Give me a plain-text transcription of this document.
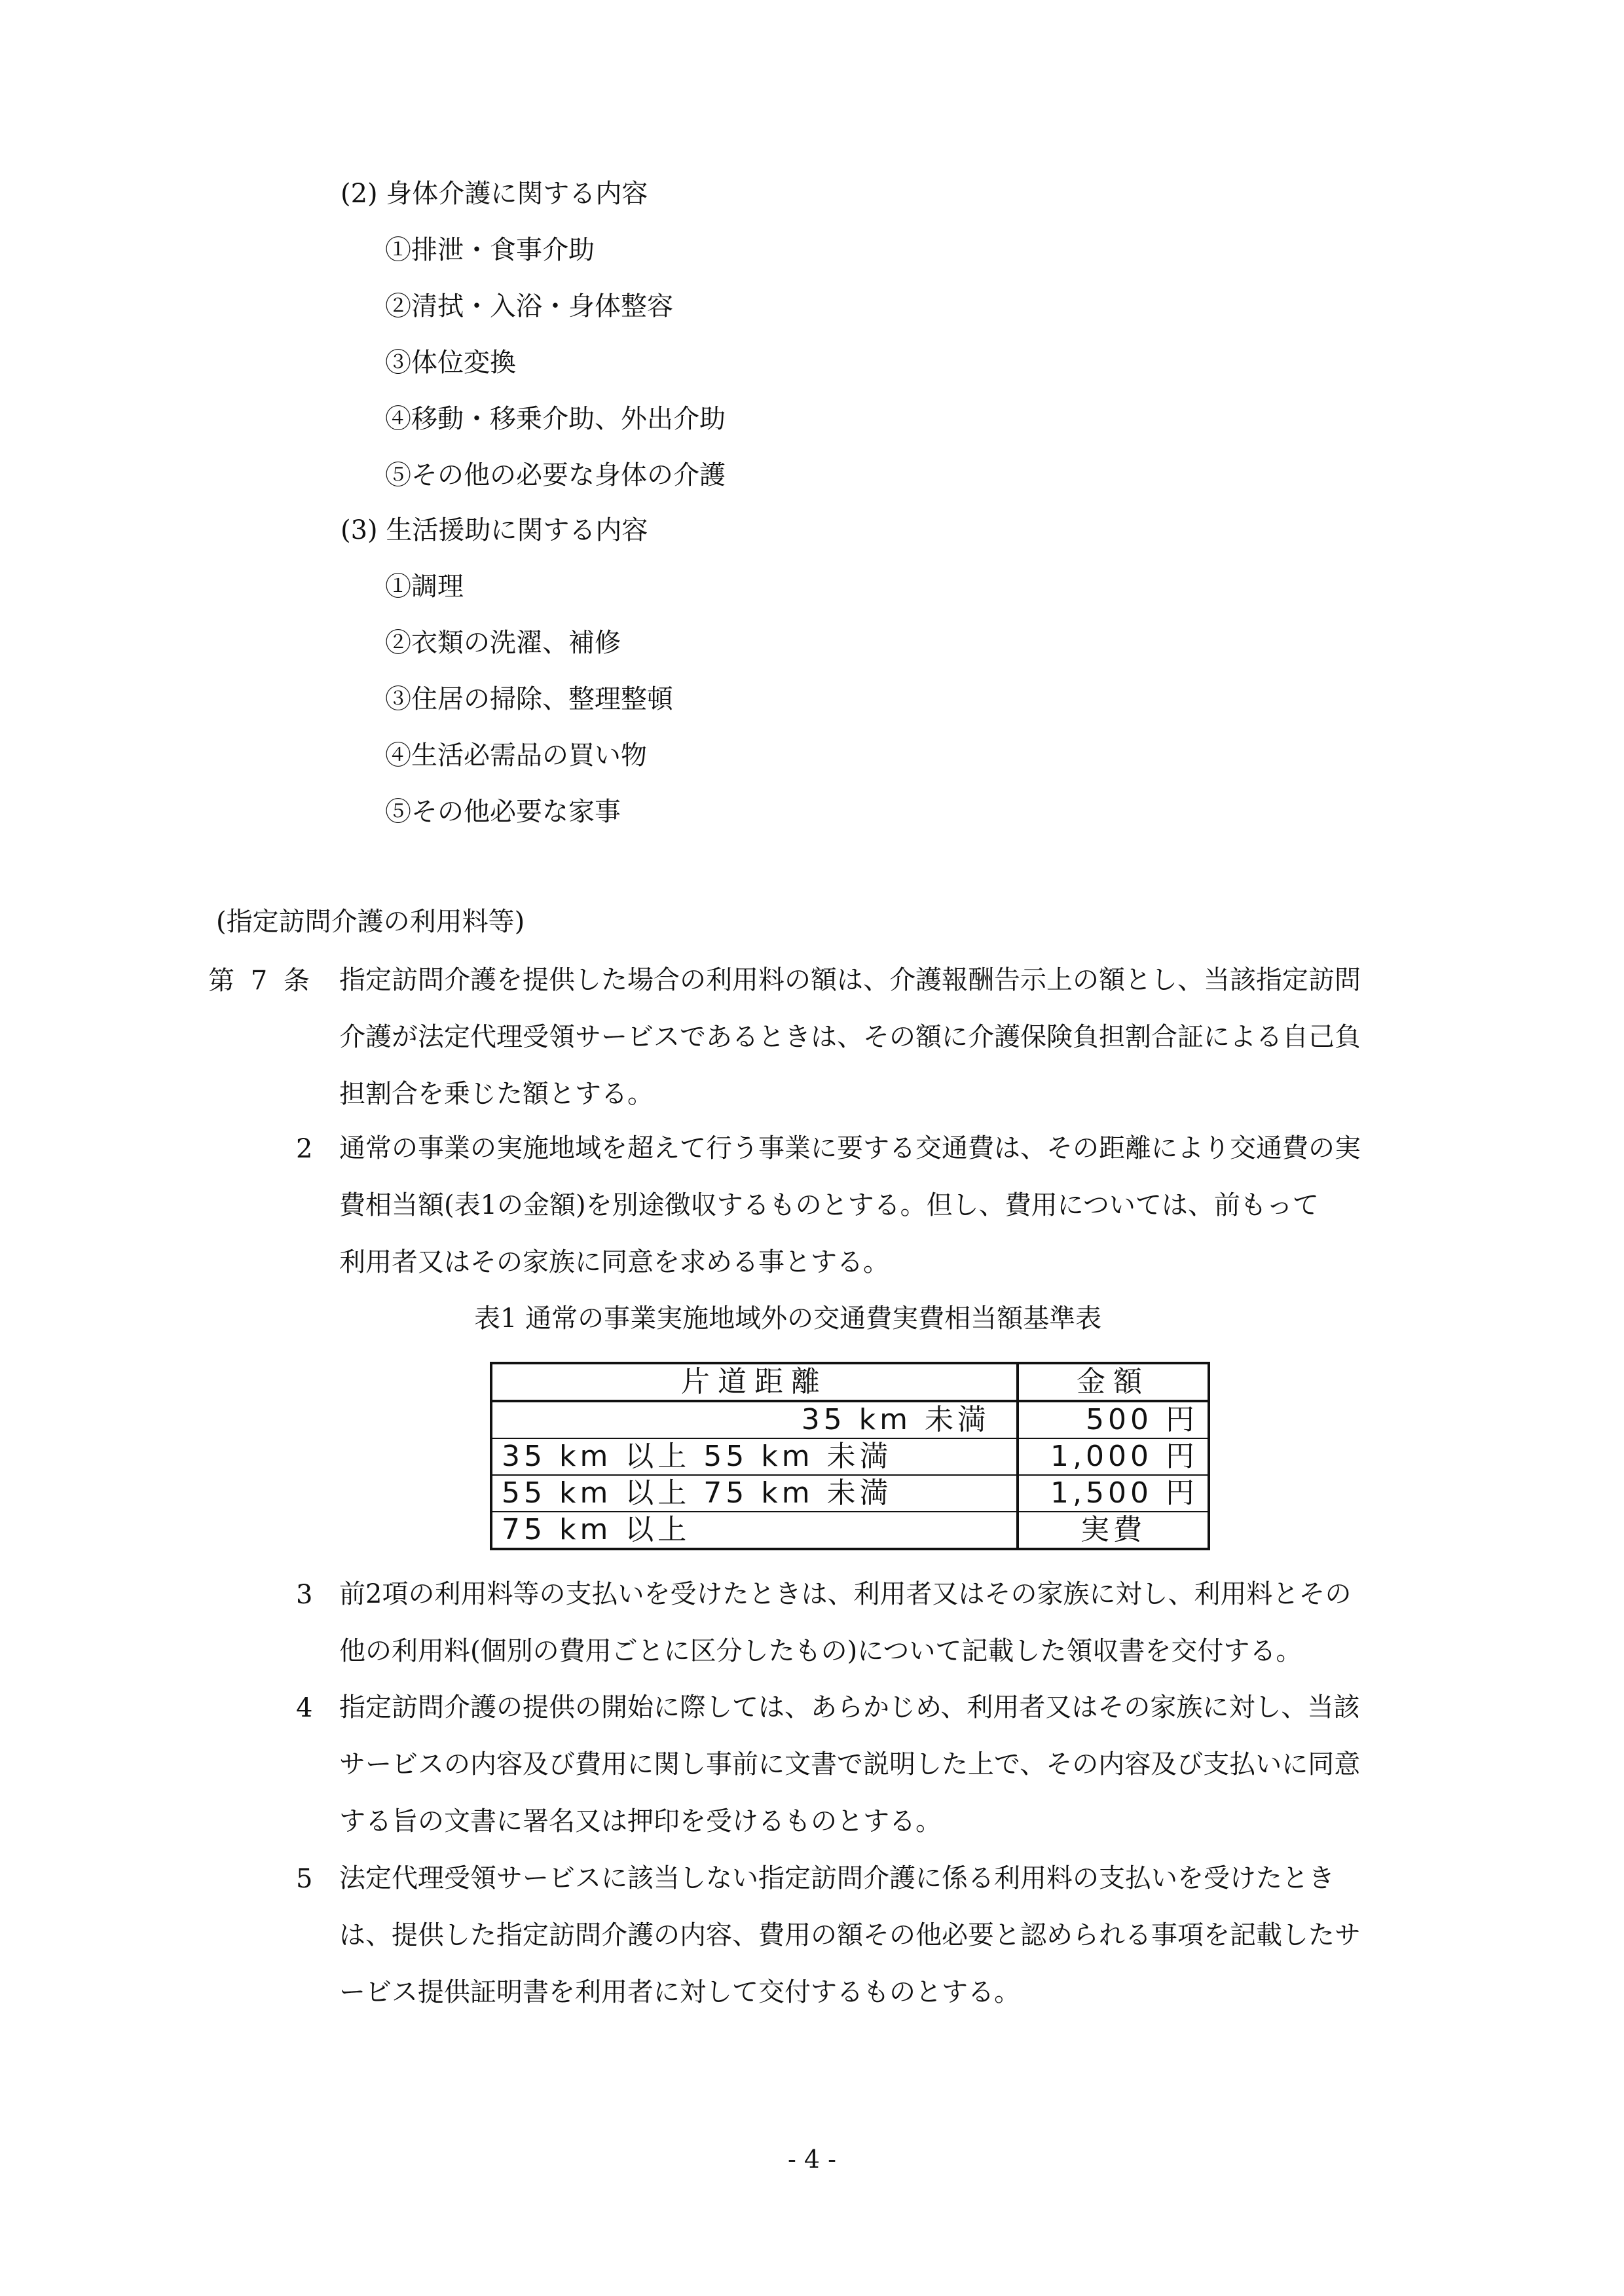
(2) 身体介護に関する内容
①排泄・食事介助
②清拭・入浴・身体整容
③体位変換
④移動・移乗介助、外出介助
⑤その他の必要な身体の介護
(3) 生活援助に関する内容
①調理
②衣類の洗濯、補修
③住居の掃除、整理整頓
④生活必需品の買い物
⑤その他必要な家事
(指定訪問介護の利用料等)
第 7 条 指定訪問介護を提供した場合の利用料の額は、介護報酬告示上の額とし、当該指定訪問
介護が法定代理受領サービスであるときは、その額に介護保険負担割合証による自己負
担割合を乗じた額とする。
2 通常の事業の実施地域を超えて行う事業に要する交通費は、その距離により交通費の実
費相当額(表1の金額)を別途徴収するものとする。但し、費用については、前もって
利用者又はその家族に同意を求める事とする。
表1 通常の事業実施地域外の交通費実費相当額基準表
片道距離	金額
35 km 未満	500 円
35 km 以上 55 km 未満	1,000 円
55 km 以上 75 km 未満	1,500 円
75 km 以上	実費
3 前2項の利用料等の支払いを受けたときは、利用者又はその家族に対し、利用料とその
他の利用料(個別の費用ごとに区分したもの)について記載した領収書を交付する。
4 指定訪問介護の提供の開始に際しては、あらかじめ、利用者又はその家族に対し、当該
サービスの内容及び費用に関し事前に文書で説明した上で、その内容及び支払いに同意
する旨の文書に署名又は押印を受けるものとする。
5 法定代理受領サービスに該当しない指定訪問介護に係る利用料の支払いを受けたとき
は、提供した指定訪問介護の内容、費用の額その他必要と認められる事項を記載したサ
ービス提供証明書を利用者に対して交付するものとする。
- 4 -
